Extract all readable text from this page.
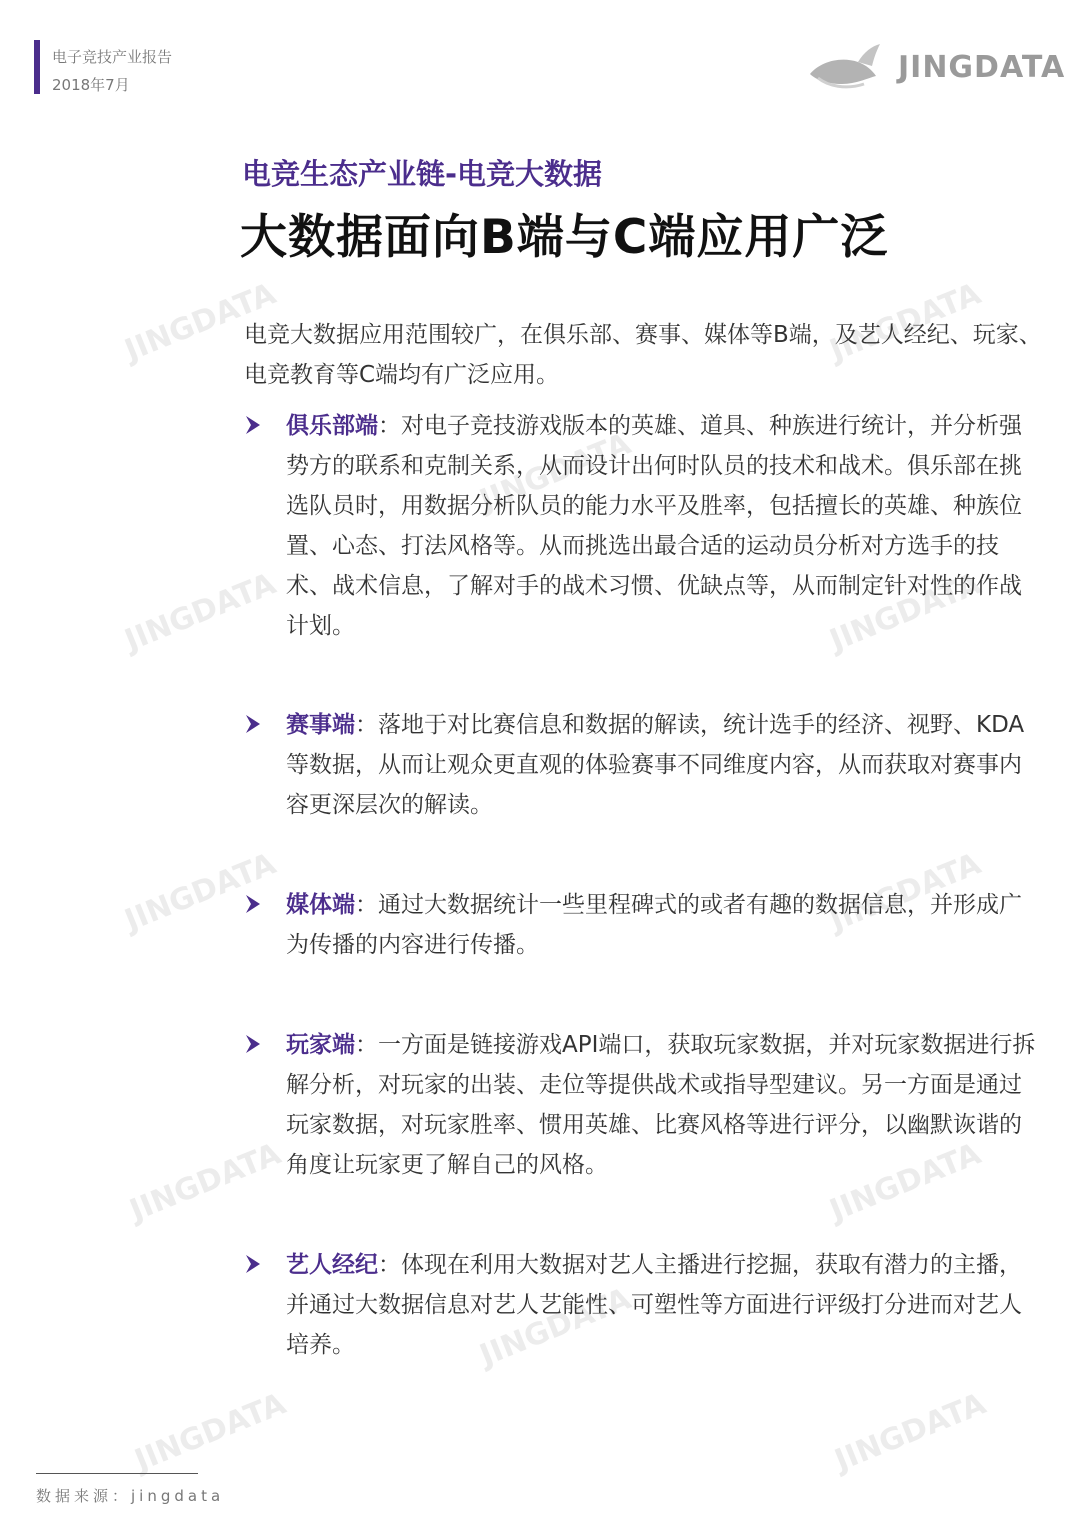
JINGDATA	JINGDATA
JINGDATA
JINGDATA	JINGDATA
JINGDATA	JINGDATA
JINGDATA	JINGDATA
JINGDATA
JINGDATA	JINGDATA
电子竞技产业报告
2018年7月	JINGDATA
电竞生态产业链-电竞大数据
大数据面向B端与C端应用广泛
电竞大数据应用范围较广，在俱乐部、赛事、媒体等B端，及艺人经纪、玩家、电竞教育等C端均有广泛应用。
俱乐部端：对电子竞技游戏版本的英雄、道具、种族进行统计，并分析强势方的联系和克制关系，从而设计出何时队员的技术和战术。俱乐部在挑选队员时，用数据分析队员的能力水平及胜率，包括擅长的英雄、种族位置、心态、打法风格等。从而挑选出最合适的运动员分析对方选手的技术、战术信息，了解对手的战术习惯、优缺点等，从而制定针对性的作战计划。
赛事端：落地于对比赛信息和数据的解读，统计选手的经济、视野、KDA等数据，从而让观众更直观的体验赛事不同维度内容，从而获取对赛事内容更深层次的解读。
媒体端：通过大数据统计一些里程碑式的或者有趣的数据信息，并形成广为传播的内容进行传播。
玩家端：一方面是链接游戏API端口，获取玩家数据，并对玩家数据进行拆解分析，对玩家的出装、走位等提供战术或指导型建议。另一方面是通过玩家数据，对玩家胜率、惯用英雄、比赛风格等进行评分，以幽默诙谐的角度让玩家更了解自己的风格。
艺人经纪：体现在利用大数据对艺人主播进行挖掘，获取有潜力的主播，并通过大数据信息对艺人艺能性、可塑性等方面进行评级打分进而对艺人培养。
数据来源：jingdata
